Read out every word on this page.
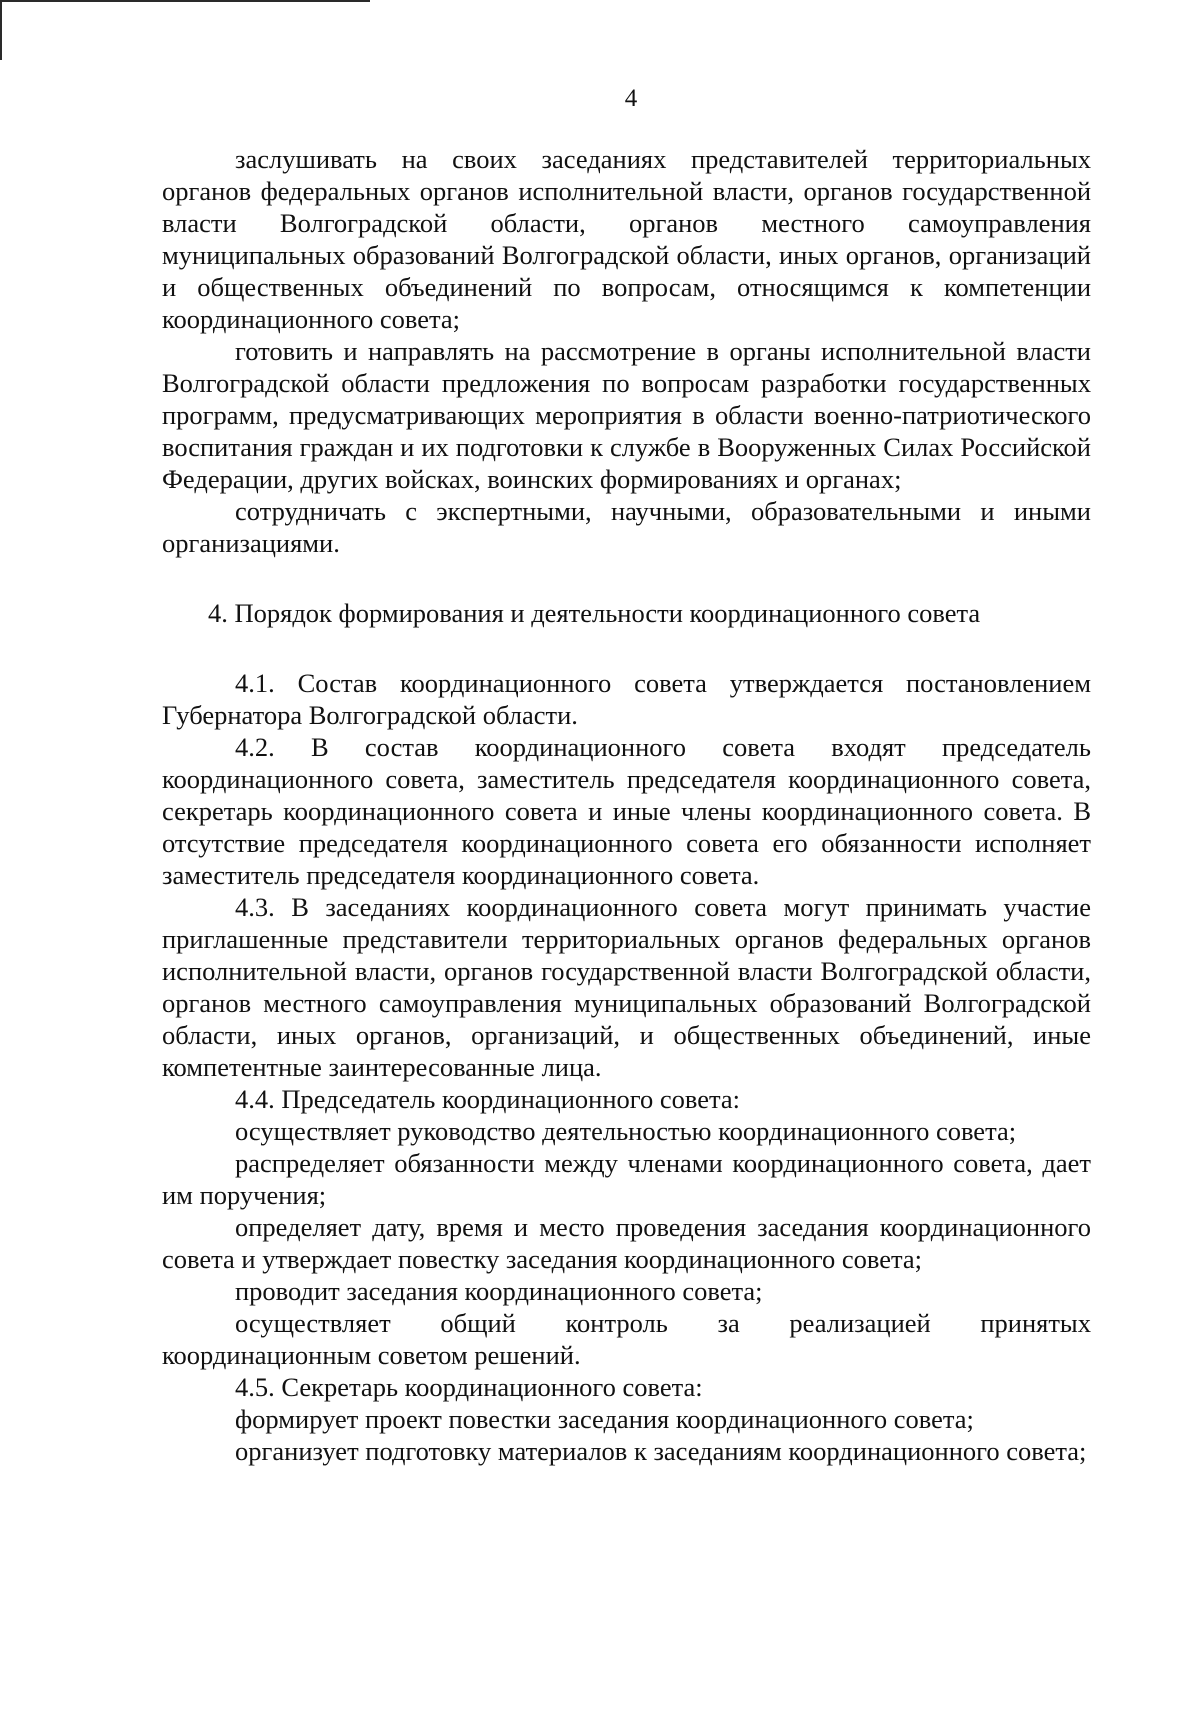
4

заслушивать на своих заседаниях представителей территориальных органов федеральных органов исполнительной власти, органов государственной власти Волгоградской области, органов местного самоуправления муниципальных образований Волгоградской области, иных органов, организаций и общественных объединений по вопросам, относящимся к компетенции координационного совета;

готовить и направлять на рассмотрение в органы исполнительной власти Волгоградской области предложения по вопросам разработки государственных программ, предусматривающих мероприятия в области военно-патриотического воспитания граждан и их подготовки к службе в Вооруженных Силах Российской Федерации, других войсках, воинских формированиях и органах;

сотрудничать с экспертными, научными, образовательными и иными организациями.

4. Порядок формирования и деятельности координационного совета

4.1. Состав координационного совета утверждается постановлением Губернатора Волгоградской области.

4.2. В состав координационного совета входят председатель координационного совета, заместитель председателя координационного совета, секретарь координационного совета и иные члены координационного совета. В отсутствие председателя координационного совета его обязанности исполняет заместитель председателя координационного совета.

4.3. В заседаниях координационного совета могут принимать участие приглашенные представители территориальных органов федеральных органов исполнительной власти, органов государственной власти Волгоградской области, органов местного самоуправления муниципальных образований Волгоградской области, иных органов, организаций, и общественных объединений, иные компетентные заинтересованные лица.

4.4. Председатель координационного совета:

осуществляет руководство деятельностью координационного совета;

распределяет обязанности между членами координационного совета, дает им поручения;

определяет дату, время и место проведения заседания координационного совета и утверждает повестку заседания координационного совета;

проводит заседания координационного совета;

осуществляет общий контроль за реализацией принятых координационным советом решений.

4.5. Секретарь координационного совета:

формирует проект повестки заседания координационного совета;

организует подготовку материалов к заседаниям координационного совета;
